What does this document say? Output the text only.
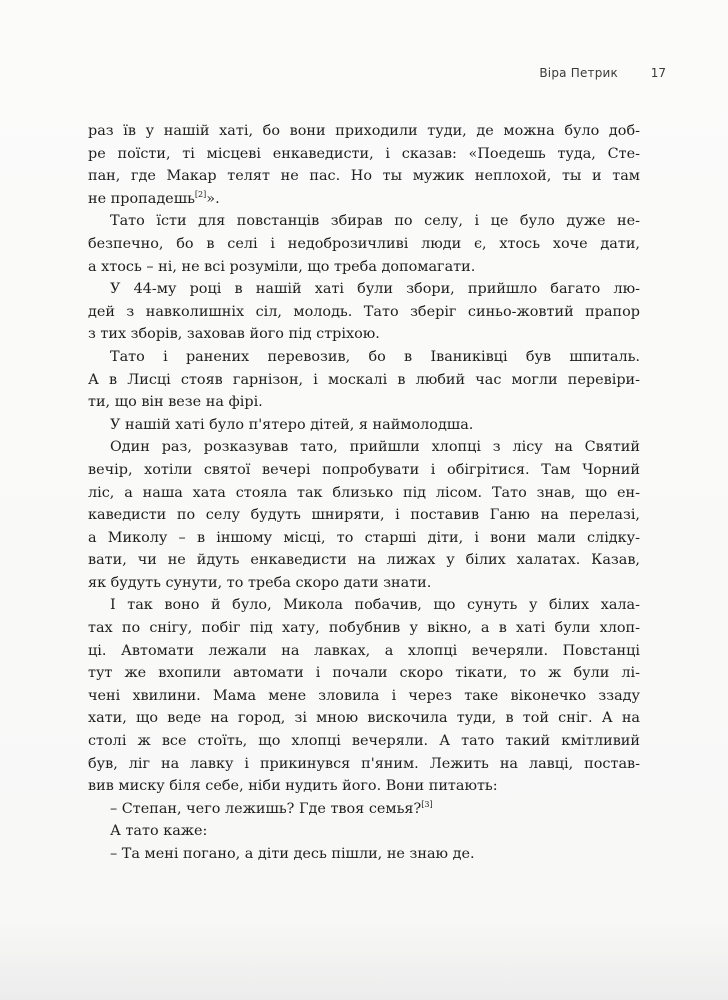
Віра Петрик	17
раз їв у нашій хаті, бо вони приходили туди, де можна було доб-
ре поїсти, ті місцеві енкаведисти, і сказав: «Поедешь туда, Сте-
пан, где Макар телят не пас. Но ты мужик неплохой, ты и там
не пропадешь[2]».
Тато їсти для повстанців збирав по селу, і це було дуже не-
безпечно, бо в селі і недоброзичливі люди є, хтось хоче дати,
а хтось – ні, не всі розуміли, що треба допомагати.
У 44-му році в нашій хаті були збори, прийшло багато лю-
дей з навколишніх сіл, молодь. Тато зберіг синьо-жовтий прапор
з тих зборів, заховав його під стріхою.
Тато і ранених перевозив, бо в Іваниківці був шпиталь.
А в Лисці стояв гарнізон, і москалі в любий час могли перевіри-
ти, що він везе на фірі.
У нашій хаті було п'ятеро дітей, я наймолодша.
Один раз, розказував тато, прийшли хлопці з лісу на Святий
вечір, хотіли святої вечері попробувати і обігрітися. Там Чорний
ліс, а наша хата стояла так близько під лісом. Тато знав, що ен-
каведисти по селу будуть шниряти, і поставив Ганю на перелазі,
а Миколу – в іншому місці, то старші діти, і вони мали слідку-
вати, чи не йдуть енкаведисти на лижах у білих халатах. Казав,
як будуть сунути, то треба скоро дати знати.
І так воно й було, Микола побачив, що сунуть у білих хала-
тах по снігу, побіг під хату, побубнив у вікно, а в хаті були хлоп-
ці. Автомати лежали на лавках, а хлопці вечеряли. Повстанці
тут же вхопили автомати і почали скоро тікати, то ж були лі-
чені хвилини. Мама мене зловила і через таке віконечко ззаду
хати, що веде на город, зі мною вискочила туди, в той сніг. А на
столі ж все стоїть, що хлопці вечеряли. А тато такий кмітливий
був, ліг на лавку і прикинувся п'яним. Лежить на лавці, постав-
вив миску біля себе, ніби нудить його. Вони питають:
– Степан, чего лежишь? Где твоя семья?[3]
А тато каже:
– Та мені погано, а діти десь пішли, не знаю де.
